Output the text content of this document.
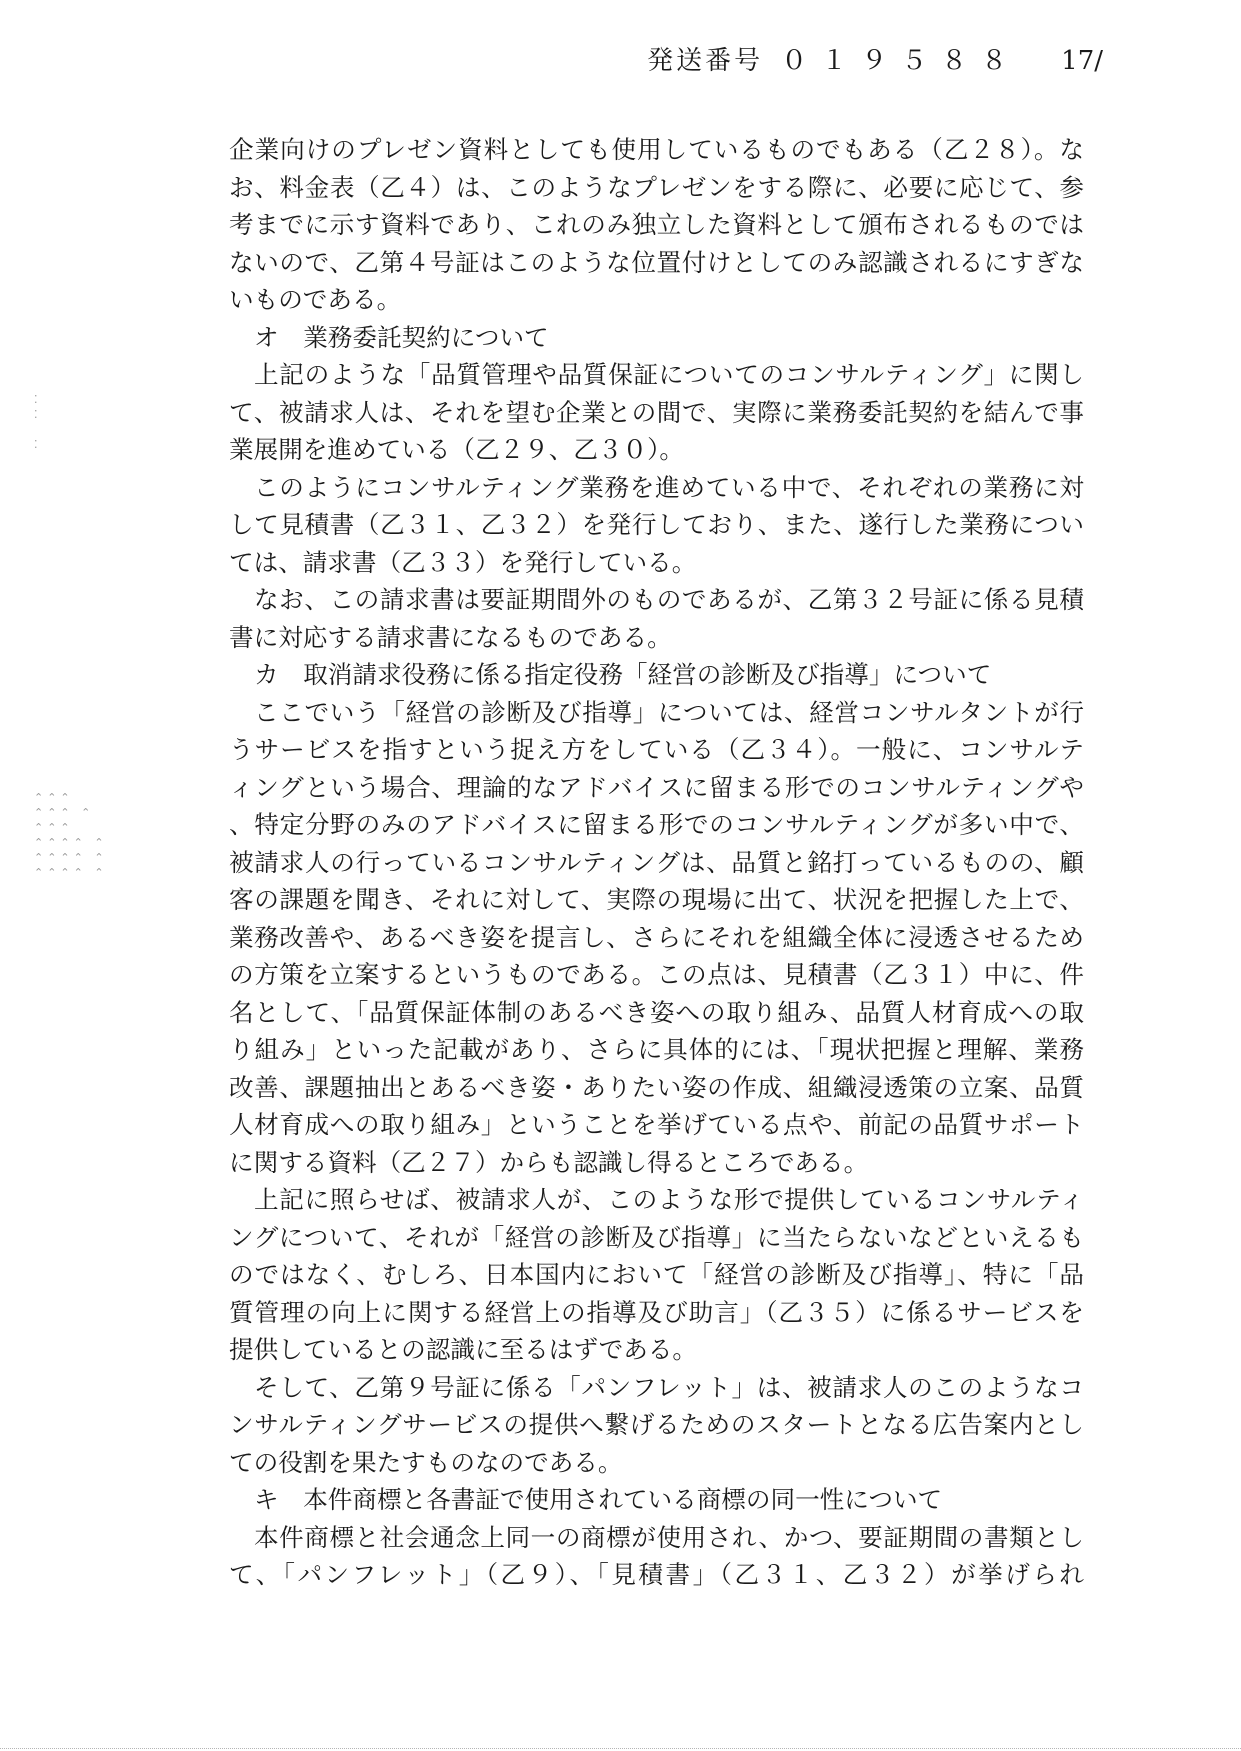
発送番号 ０１９５８８ 17/
企業向けのプレゼン資料としても使用しているものでもある（乙２８）。な
お、料金表（乙４）は、このようなプレゼンをする際に、必要に応じて、参
考までに示す資料であり、これのみ独立した資料として頒布されるものでは
ないので、乙第４号証はこのような位置付けとしてのみ認識されるにすぎな
いものである。
オ　業務委託契約について
上記のような「品質管理や品質保証についてのコンサルティング」に関し
て、被請求人は、それを望む企業との間で、実際に業務委託契約を結んで事
業展開を進めている（乙２９、乙３０）。
このようにコンサルティング業務を進めている中で、それぞれの業務に対
して見積書（乙３１、乙３２）を発行しており、また、遂行した業務につい
ては、請求書（乙３３）を発行している。
なお、この請求書は要証期間外のものであるが、乙第３２号証に係る見積
書に対応する請求書になるものである。
カ　取消請求役務に係る指定役務「経営の診断及び指導」について
ここでいう「経営の診断及び指導」については、経営コンサルタントが行
うサービスを指すという捉え方をしている（乙３４）。一般に、コンサルテ
ィングという場合、理論的なアドバイスに留まる形でのコンサルティングや
、特定分野のみのアドバイスに留まる形でのコンサルティングが多い中で、
被請求人の行っているコンサルティングは、品質と銘打っているものの、顧
客の課題を聞き、それに対して、実際の現場に出て、状況を把握した上で、
業務改善や、あるべき姿を提言し、さらにそれを組織全体に浸透させるため
の方策を立案するというものである。この点は、見積書（乙３１）中に、件
名として、「品質保証体制のあるべき姿への取り組み、品質人材育成への取
り組み」といった記載があり、さらに具体的には、「現状把握と理解、業務
改善、課題抽出とあるべき姿・ありたい姿の作成、組織浸透策の立案、品質
人材育成への取り組み」ということを挙げている点や、前記の品質サポート
に関する資料（乙２７）からも認識し得るところである。
上記に照らせば、被請求人が、このような形で提供しているコンサルティ
ングについて、それが「経営の診断及び指導」に当たらないなどといえるも
のではなく、むしろ、日本国内において「経営の診断及び指導」、特に「品
質管理の向上に関する経営上の指導及び助言」（乙３５）に係るサービスを
提供しているとの認識に至るはずである。
そして、乙第９号証に係る「パンフレット」は、被請求人のこのようなコ
ンサルティングサービスの提供へ繋げるためのスタートとなる広告案内とし
ての役割を果たすものなのである。
キ　本件商標と各書証で使用されている商標の同一性について
本件商標と社会通念上同一の商標が使用され、かつ、要証期間の書類とし
て、「パンフレット」（乙９）、「見積書」（乙３１、乙３２）が挙げられ
⁚
⁚

⁚
⌃⌃⌃
⌃⌃⌃ ⌃
⌃⌃⌃
⌃⌃⌃⌃ ⌃
⌃⌃⌃⌃ ⌃
⌃⌃⌃⌃ ⌃
